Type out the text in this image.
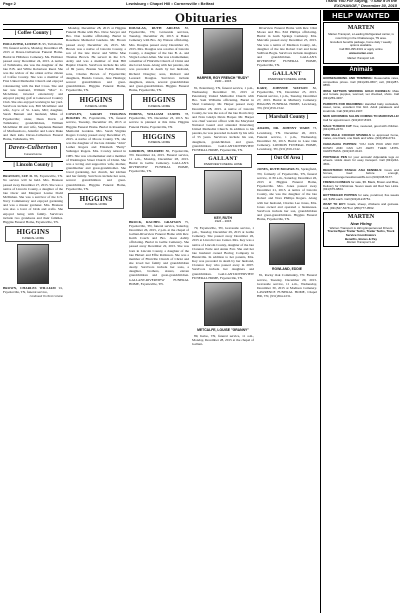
Page 2	Lewisburg • Chapel Hill • Cornersville • Belfast	Thank You For Saying, "I Saw it in the EXCHANGE," December 30, 2015
Obituaries
[ Coffee County ]

HOLLISTER, LOUISE E. 95, Tullahoma, TN, funeral service, Monday, December 28, 2015 at Daves-Culbertson Funeral Home. Burial in Hillsboro Cemetery. Ms. Hollister passed away December 24, 2015. A native of Tullahoma, she was the daughter of the late E.B. and Willie Robertson Reed. She was the widow of the oldest active citizen of Coffee County. She was a member of First United Methodist Church and enjoyed volunteering with the Red Cross. She and her late husband, William "Mac" C. McAllister, traveled extensively and enjoyed playing golf at Lakewood Country Club. She also enjoyed working in her yard. Survivors include son, Bill McAllister and wife, Joyce of St. Louis, MO; daughter, Sarah Bennett and husband, Mike of Fayetteville; sister, Dean Davis of Tullahoma; grandchildren, William McAllister III and wife, Stephanie Bennett of Murfreesboro, Jennifer and Lance Duke and their kids. Daves-Culbertson Funeral Home, Tullahoma, TN.

Daves-Culbertson
Funeral Home
[ Lincoln County ]

BRANSON, SUE D. 86, Fayetteville, TN. No service will be held. Mrs. Branson passed away December 27, 2015. She was a native of Lincoln County, a daughter of the late Oscar and Margaret Louise Dodd McMahan. She was a survivor of the U.S. Navy Commentary and enjoyed gardening and was a master gardener. Mrs. Branson was also a lover of birds and crafts. She enjoyed being with family. Survivors include two grandsons and their families. Higgins Funeral Home, Fayetteville, TN.

HIGGINS
FUNERAL HOME

BROWN, CHARLES WILLIAM 91, Fayetteville, TN, funeral service,

Continued On Next Column

Monday, December 28, 2015 at Higgins Funeral Home with Bro. Dave Sawyer and Bro. Don Gaddie officiating. Burial in Rosemere Memorial Gardens. Mr. Brown passed away December 24, 2015. Mr. Brown was a native of Lincoln County, a son of the late Oscar and Willie Mae Thomas Brown. He served in the U.S. Army and was a member of Oak Hill Baptist Church. Survivors include his wife of 69 years, Bonnie Sue Eslick Brown; sons, Charles Brown of Fayetteville; daughters, Brenda Carson, Jane Hastings; several grandchildren and great-grandchildren. Higgins Funeral Home, Fayetteville, TN.

HIGGINS
FUNERAL HOME

COWLEY, SARAH VIRGINIA BOGERS 89, Fayetteville, TN, funeral service, Tuesday, December 29, 2015 at Higgins Funeral Home. Burial in Rosemere Memorial Gardens. Mrs. Sarah Virginia Rogers Cowley passed away December 27, 2015. A native of Moore County, TN, she was the daughter of the late Johnnie "John" Luther Rogers and Elizabeth "Betty" Sullenger Rogers. Mrs. Cowley retired in 1985. She was a homemaker and a member of Washington Street Church of Christ. She was a loving and supportive wife, mother, grandmother and great-grandmother. She loved gardening, her church, her kitchen and her family. Survivors include her sons, several grandchildren and great-grandchildren. Higgins Funeral Home, Fayetteville, TN.

HIGGINS
FUNERAL HOME

DOUGLAS, RUTH ARLESS 83, Fayetteville, TN, Graveside services, Tuesday, December 29, 2015 at Baker Cemetery with Bro. Jay Watson officiating. Mrs. Douglas passed away December 25, 2015. Mrs. Douglas was a native of Lincoln County, a daughter of the late B. A. and Virgie Locker Allen. She was a homemaker, a member of Flintville Church of Christ and she loved Jesus. Along with her parents, she was preceded in death by her husband, Richard Douglas; sons, Richard and Leonard Douglas. Survivors include daughters, sisters, several grandchildren and great-grandchildren. Higgins Funeral Home, Fayetteville, TN.

HIGGINS
FUNERAL HOME

EDDINS, WILLIAM CURTIS 78, Fayetteville, TN. December 23, 2015. No service is planned at this time. Higgins Funeral Home, Fayetteville, TN.

HIGGINS
FUNERAL HOME

GORDON, MILDRED 86, Fayetteville, TN. December 24, 2015. Funeral service, 11 a.m., Monday, December 28, 2015. Burial in Gallie Cemetery. GALLANT-RIVERVIEW FUNERAL HOME, Fayetteville, TN.

BROCK, RACHEL GRAYSON 75, Fayetteville, TN, funeral service, Saturday, December 26, 2015, 2 p.m. at the chapel of Gallant-Riverview Funeral Home with Rev. Keith Couch and Bro. Jason Ashby officiating. Burial in Gallie Cemetery. She passed away December 22, 2015. She was born in Lincoln County, a daughter of the late Hubert and Effie Robinson. She was a member of Flintville Church of Christ and she loved her family and grandchildren dearly. Survivors include her sons, a daughter, brothers, sisters, eleven grandchildren and great-grandchildren. GALLANT-RIVERVIEW FUNERAL HOME, Fayetteville, TN.

HARPER, ROY FRENCH "RUDY"
1930 – 2015

81, Petersburg, TN, funeral service, 1 p.m., Wednesday, December 30, 2015 at Petersburg United Methodist Church with Bro. Sam Williams officiating. Burial in Short Cemetery. Mr. Harper passed away December 28, 2015. A native of Lincoln County, he was the son of the late Dorris Roy and Nola Gladys Davis Harper. Mr. Harper was chief warrant officer with the Maryland National Guard and attended Petersburg United Methodist Church. In addition to his parents, he was preceded in death by his wife of 55 years. Survivors include his son, daughters, grandchildren and great-grandchildren. GALLANT-RIVERVIEW FUNERAL HOME, Fayetteville, TN.

GALLANT
RIVERVIEW FUNERAL HOME
KEY, RUTH
1924 – 2015

79, Fayetteville, TN, Graveside service, 1 p.m., Tuesday, December 29, 2015 at Gallie Cemetery. She passed away December 26, 2015 at Lincoln Care Center. Mrs. Key was a native of Lincoln County, daughter of the late Clarence Earle and Annie Farr. She and her late husband owned Boring Company in Huntsville. In addition to her parents, Mrs. Key was preceded in death by her husband, Clarence Key who passed away in 2007. Survivors include her daughters and grandchildren. GALLANT-RIVERVIEW FUNERAL HOME, Fayetteville, TN.

METCALFE, LOUISE "GRANNY"

89, Kelso, TN, funeral service, 11 a.m., Monday, December 28, 2015 at the chapel of Gallant-

Riverview Funeral Home with Rev. Clint Moore and Bro. Edd Phillips officiating. Burial in Gum Springs Cemetery. Mrs. Metcalfe passed away December 25, 2015. She was a native of Madison County, AL, daughter of the late Robert Carl and Irene Sullivan Bogle. Survivors include daughters and grandchildren. GALLANT-RIVERVIEW FUNERAL HOME, Fayetteville, TN.

GALLANT
RIVERVIEW FUNERAL HOME

KARY, JOHNNIE WATSON 82, Fayetteville, TN, December 25, 2015. Funeral service, 1 p.m., Tuesday, December 27, 2015. Burial in Mulberry Cemetery. HIGGINS FUNERAL HOME, Lewisburg, TN, (931)359-1542.

[ Marshall County ]

ADAMS, DR. JOHNNY WADE 73, Lewisburg, TN. December 26, 2015. Funeral service, 1 p.m., Wednesday, December 30, 2015. Burial in Lone Oak Cemetery. LONDON FUNERAL HOME, Lewisburg, TN, (931)359-1542.

[ Out Of Area ]

JONES, RUTH BOGERS 89, Springfield, TN, formerly of Fayetteville, TN, funeral service, 11:30 a.m., Saturday, December 26, 2015 at Higgins Funeral Home, Fayetteville. Mrs. Jones passed away December 21, 2015. A native of Lincoln County, she was the daughter of the late Robert and Nora Phillips Rogers. Along with her husband, Charles Lee Jones, Mrs. Jones owned and operated a businesses. Survivors include her son, grandchildren and great-grandchildren. Higgins Funeral Home, Fayetteville, TN.

ROWLAND, EDDIE

81, Rocky Oak Community, TN. Funeral service, Tuesday, December 29, 2015. Graveside service, 11 a.m., Wednesday, December 30, 2015 at Madison Cemetery. LAWRENCE FUNERAL HOME, Chapel Hill, TN, (931)364-2231.

HELP WANTED
MARTEN

Marten Transport, a Leading Refrigerated carrier, is now hiring in the Chattanooga, TN area.

Excellent benefits package, home daily / weekly options available.

Call 800-395-3331 or apply online

www.marten.com

Marten Transport Ltd.

Animals
HORSESHOEING AND TRIMMING: Reasonable rates, competitive prices. Call (931)249-0667; cell, (931)287-0859.
IRISH SETTERS WEDDING GOLD KENNELS: Male and female puppies, wormed, vet checked, shots. Call (931)259-4367.
PARROTS FOR REHOMING: Handfed baby cockatiels, sweet, tame, excellent first bird. Adult parakeets and lovebirds. Call (931)294-1907.
NEW GROOMING SALON COMING TO MARKSVILLE! Call for appointment. (931)637-8315.
MALE TUXEDO CAT: free, neutered, good with children. (931)359-2473.
TWO MALE COCKER SPANIELS to approved home, males, one black, one black and white. (931)359-2741.
CHIHUAHUA PUPPIES: YOU CAN PICK AND PAY DOWN AND CAN LAY AWAY THEM UNTIL CHRISTMAS. (931)347-0113.
PORTABLE PEN for your animals! Adjustable legs on wheels. Holds down for easy transport. Call (931)242-4561.
REGISTERED STABLE ASH KENNELS: Cows and horses, feed before enough, www.hawkrangerresultsmastiffs.com (931)638-5177.
FRENCH GUINEAS for sale, $5. Black, Brown and Blue, Delivery for Christmas. Seven week old Red Sex Links. (931)675-9804.
BOTTWEILER PUPPIES for sale, purebred, five weeks old, $150 each. Call (931)212-8751.
WANT TO BUY: Goats, sheep, chickens and guineas. Call, (931)527-5478 or (256)777-0562.
MARTEN
Now Hiring
Warren Transport is Hiring Experienced Drivers
Tractor/Spec Trailer Techs, Trailer Techs, Truck Service Coordinators
Benefits, Bonus & Pay
Marten Transport Ltd.
